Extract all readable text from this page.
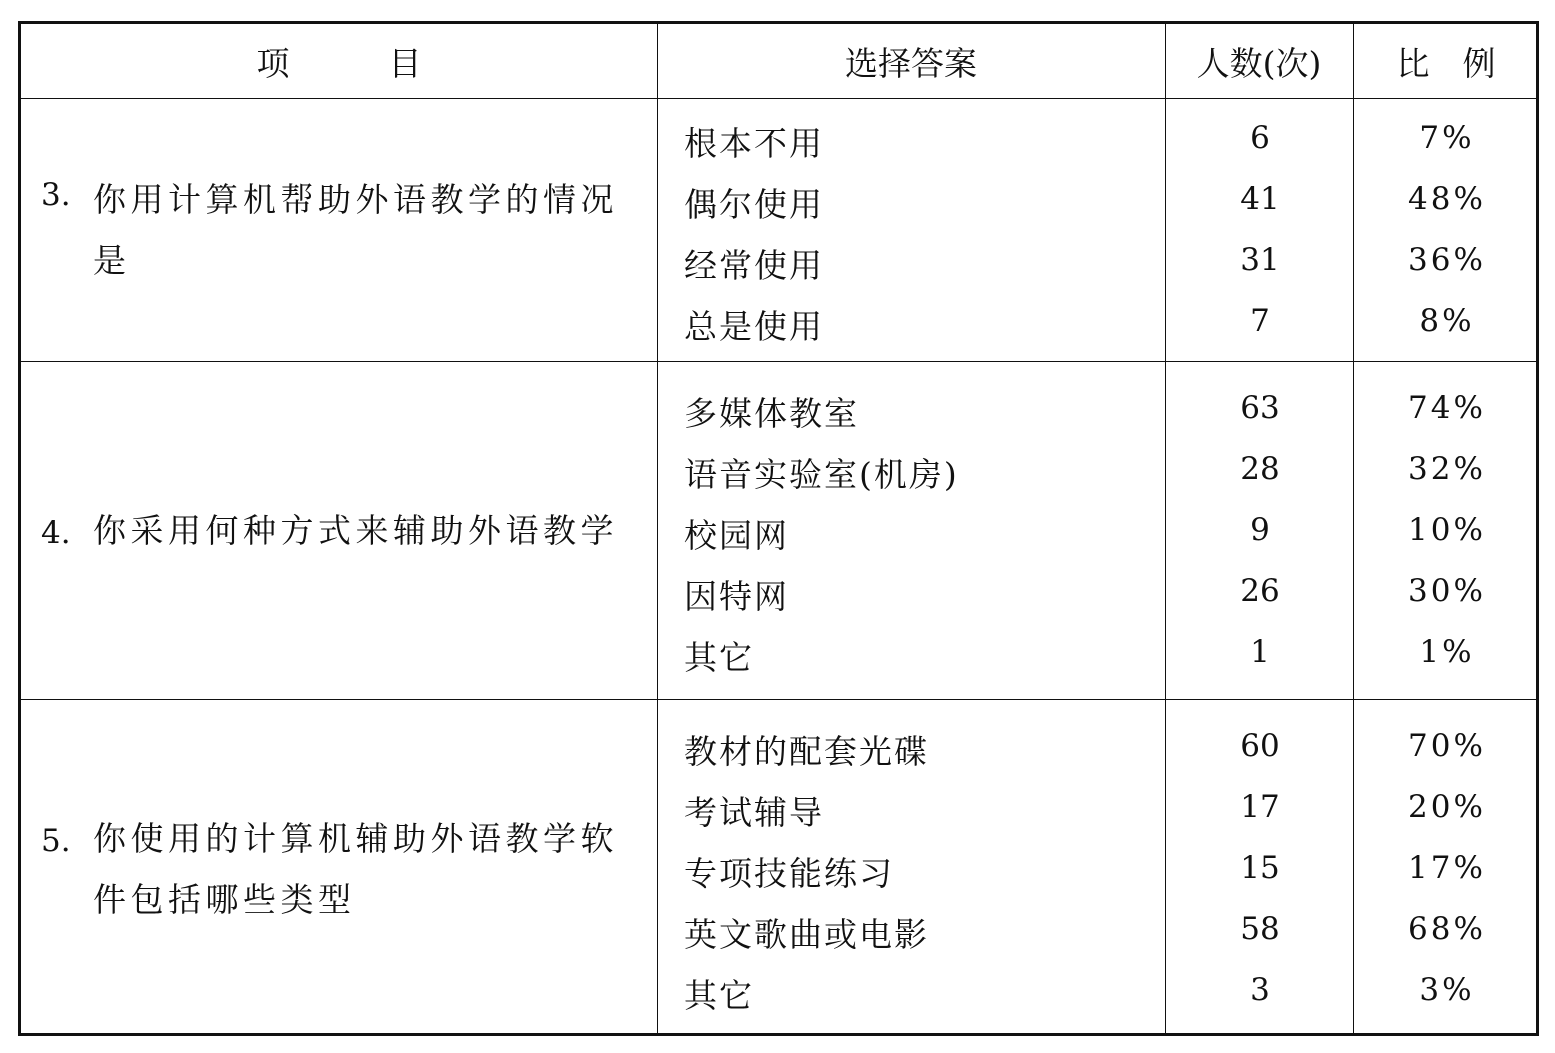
项　　　目	选择答案	人数(次)	比　例
3. 你用计算机帮助外语教学的情况是
根本不用	6	7%
偶尔使用	41	48%
经常使用	31	36%
总是使用	7	8%
4. 你采用何种方式来辅助外语教学
多媒体教室	63	74%
语音实验室(机房)	28	32%
校园网	9	10%
因特网	26	30%
其它	1	1%
5. 你使用的计算机辅助外语教学软件包括哪些类型
教材的配套光碟	60	70%
考试辅导	17	20%
专项技能练习	15	17%
英文歌曲或电影	58	68%
其它	3	3%
